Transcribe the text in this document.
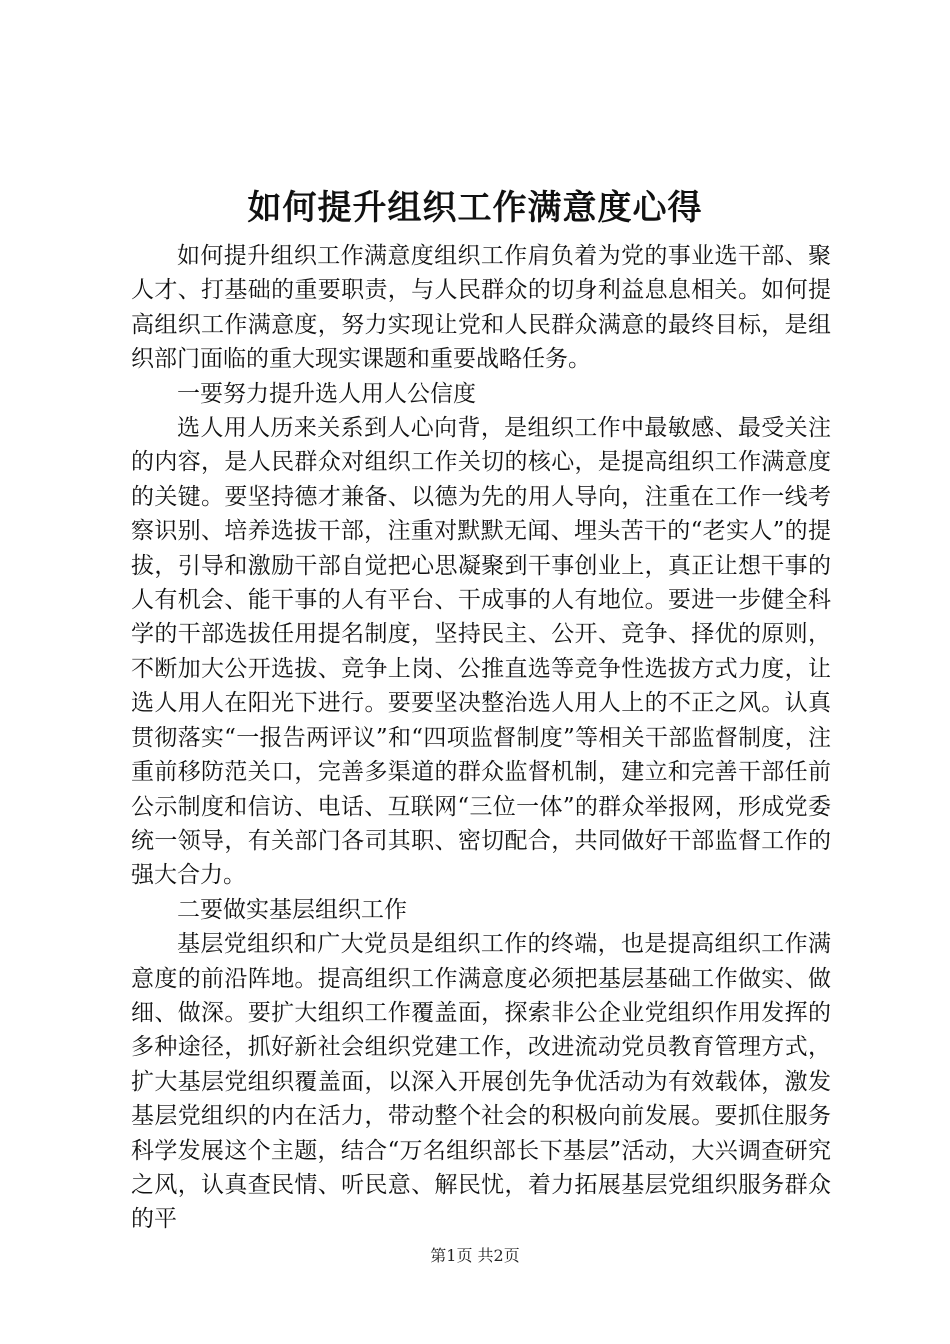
如何提升组织工作满意度心得

如何提升组织工作满意度组织工作肩负着为党的事业选干部、聚人才、打基础的重要职责，与人民群众的切身利益息息相关。如何提高组织工作满意度，努力实现让党和人民群众满意的最终目标，是组织部门面临的重大现实课题和重要战略任务。

一要努力提升选人用人公信度

选人用人历来关系到人心向背，是组织工作中最敏感、最受关注的内容，是人民群众对组织工作关切的核心，是提高组织工作满意度的关键。要坚持德才兼备、以德为先的用人导向，注重在工作一线考察识别、培养选拔干部，注重对默默无闻、埋头苦干的“老实人”的提拔，引导和激励干部自觉把心思凝聚到干事创业上，真正让想干事的人有机会、能干事的人有平台、干成事的人有地位。要进一步健全科学的干部选拔任用提名制度，坚持民主、公开、竞争、择优的原则，不断加大公开选拔、竞争上岗、公推直选等竞争性选拔方式力度，让选人用人在阳光下进行。要要坚决整治选人用人上的不正之风。认真贯彻落实“一报告两评议”和“四项监督制度”等相关干部监督制度，注重前移防范关口，完善多渠道的群众监督机制，建立和完善干部任前公示制度和信访、电话、互联网“三位一体”的群众举报网，形成党委统一领导，有关部门各司其职、密切配合，共同做好干部监督工作的强大合力。

二要做实基层组织工作

基层党组织和广大党员是组织工作的终端，也是提高组织工作满意度的前沿阵地。提高组织工作满意度必须把基层基础工作做实、做细、做深。要扩大组织工作覆盖面，探索非公企业党组织作用发挥的多种途径，抓好新社会组织党建工作，改进流动党员教育管理方式，扩大基层党组织覆盖面，以深入开展创先争优活动为有效载体，激发基层党组织的内在活力，带动整个社会的积极向前发展。要抓住服务科学发展这个主题，结合“万名组织部长下基层”活动，大兴调查研究之风，认真查民情、听民意、解民忧，着力拓展基层党组织服务群众的平

第1页 共2页
